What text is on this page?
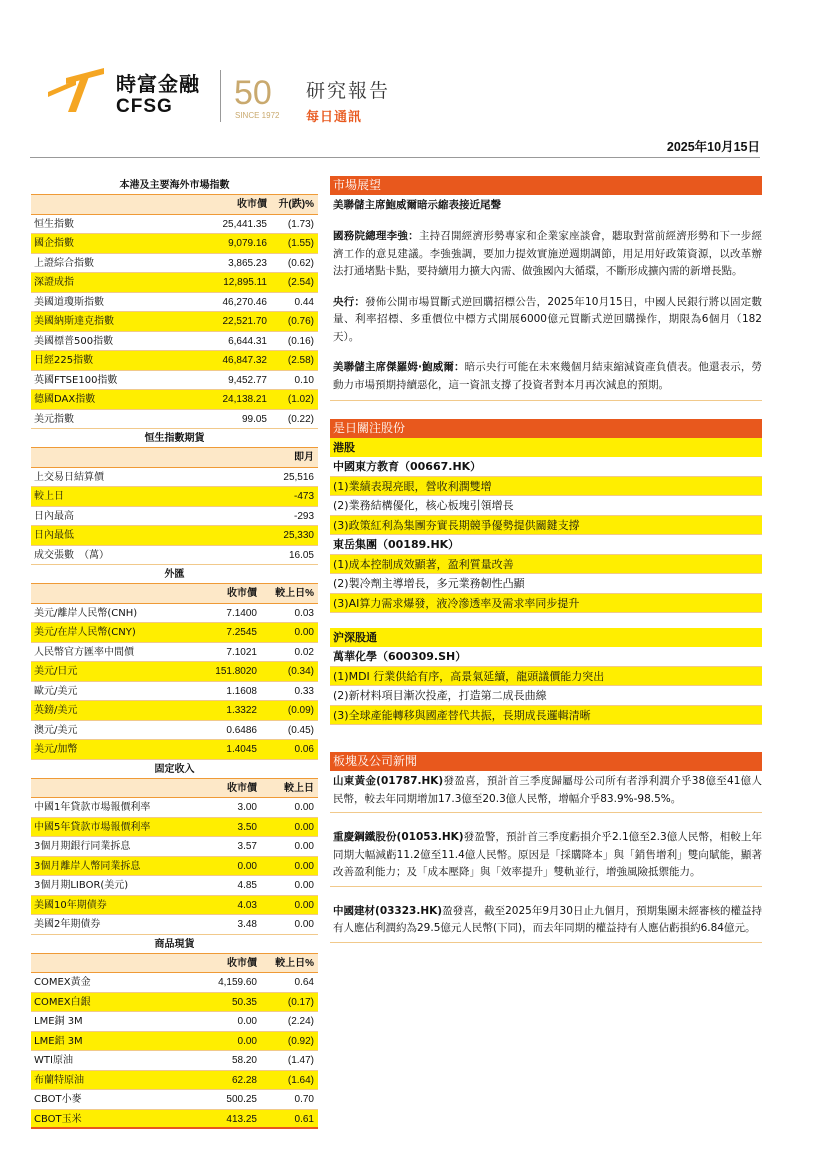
時富金融
CFSG 50
SINCE 1972
研究報告
每日通訊
2025年10月15日
本港及主要海外市場指數
收市價	升(跌)%
恒生指數	25,441.35	(1.73)
國企指數	9,079.16	(1.55)
上證綜合指數	3,865.23	(0.62)
深證成指	12,895.11	(2.54)
美國道瓊斯指數	46,270.46	0.44
美國納斯達克指數	22,521.70	(0.76)
美國標普500指數	6,644.31	(0.16)
日經225指數	46,847.32	(2.58)
英國FTSE100指數	9,452.77	0.10
德國DAX指數	24,138.21	(1.02)
美元指數	99.05	(0.22)
恒生指數期貨
即月
上交易日結算價	25,516
較上日	-473
日內最高	-293
日內最低	25,330
成交張數　（萬）	16.05
外匯
收市價	較上日%
美元/離岸人民幣(CNH)	7.1400	0.03
美元/在岸人民幣(CNY)	7.2545	0.00
人民幣官方匯率中間價	7.1021	0.02
美元/日元	151.8020	(0.34)
歐元/美元	1.1608	0.33
英鎊/美元	1.3322	(0.09)
澳元/美元	0.6486	(0.45)
美元/加幣	1.4045	0.06
固定收入
收市價	較上日
中國1年貸款市場報價利率	3.00	0.00
中國5年貸款市場報價利率	3.50	0.00
3個月期銀行同業拆息	3.57	0.00
3個月離岸人幣同業拆息	0.00	0.00
3個月期LIBOR(美元)	4.85	0.00
美國10年期債券	4.03	0.00
美國2年期債券	3.48	0.00
商品現貨
收市價	較上日%
COMEX黃金	4,159.60	0.64
COMEX白銀	50.35	(0.17)
LME銅 3M	0.00	(2.24)
LME鋁 3M	0.00	(0.92)
WTI原油	58.20	(1.47)
布蘭特原油	62.28	(1.64)
CBOT小麥	500.25	0.70
CBOT玉米	413.25	0.61
市場展望
美聯儲主席鮑威爾暗示縮表接近尾聲
國務院總理李強：主持召開經濟形勢專家和企業家座談會，聽取對當前經濟形勢和下一步經濟工作的意見建議。李強強調，要加力提效實施逆週期調節，用足用好政策資源，以改革辦法打通堵點卡點，要持續用力擴大內需、做強國內大循環，不斷形成擴內需的新增長點。
央行：發佈公開市場買斷式逆回購招標公告，2025年10月15日，中國人民銀行將以固定數量、利率招標、多重價位中標方式開展6000億元買斷式逆回購操作，期限為6個月（182天）。
美聯儲主席傑羅姆·鮑威爾：暗示央行可能在未來幾個月結束縮減資產負債表。他還表示，勞動力市場預期持續惡化，這一資訊支撐了投資者對本月再次減息的預期。
是日關注股份
港股
中國東方教育（00667.HK）
(1)業績表現亮眼，營收利潤雙增
(2)業務結構優化，核心板塊引領增長
(3)政策紅利為集團夯實長期競爭優勢提供關鍵支撐
東岳集團（00189.HK）
(1)成本控制成效顯著，盈利質量改善
(2)製冷劑主導增長，多元業務韌性凸顯
(3)AI算力需求爆發，液冷滲透率及需求率同步提升
沪深股通
萬華化學（600309.SH）
(1)MDI 行業供給有序，高景氣延續，龍頭議價能力突出
(2)新材料項目漸次投產，打造第二成長曲線
(3)全球產能轉移與國產替代共振，長期成長邏輯清晰
板塊及公司新聞
山東黃金(01787.HK)發盈喜，預計首三季度歸屬母公司所有者淨利潤介乎38億至41億人民幣，較去年同期增加17.3億至20.3億人民幣，增幅介乎83.9%-98.5%。
重慶鋼鐵股份(01053.HK)發盈警，預計首三季度虧損介乎2.1億至2.3億人民幣，相較上年同期大幅減虧11.2億至11.4億人民幣。原因是「採購降本」與「銷售增利」雙向賦能，顯著改善盈利能力；及「成本壓降」與「效率提升」雙軌並行，增強風險抵禦能力。
中國建材(03323.HK)盈發喜，截至2025年9月30日止九個月，預期集團未經審核的權益持有人應佔利潤約為29.5億元人民幣(下同)，而去年同期的權益持有人應佔虧損約6.84億元。
